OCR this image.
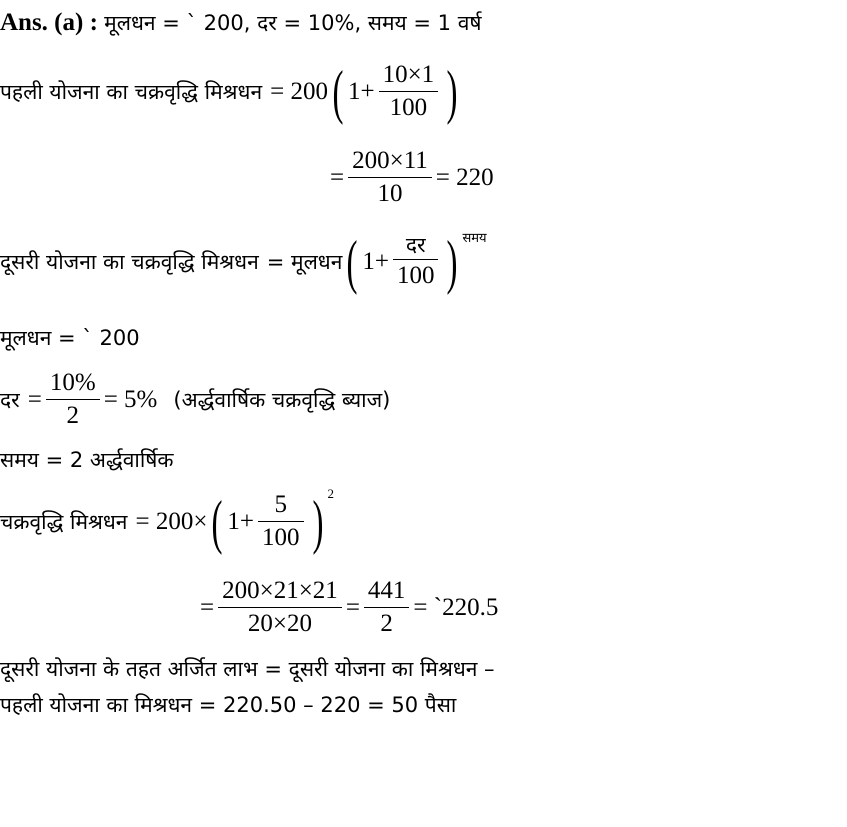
Ans. (a) : मूलधन = ` 200, दर = 10%, समय = 1 वर्ष
पहली योजना का चक्रवृद्धि मिश्रधन = 200 ( $1+ \frac{10\times 1}{100}$ )
= $\frac{200\times 11}{10} = 220$
दूसरी योजना का चक्रवृद्धि मिश्रधन = मूलधन ( $1+ \frac{\text{दर}}{100}$ ) समय
मूलधन = ` 200
दर = $\frac{10\%}{2} = 5\%$ (अर्द्धवार्षिक चक्रवृद्धि ब्याज)
समय = 2 अर्द्धवार्षिक
चक्रवृद्धि मिश्रधन = 200× ( $1+ \frac{5}{100}$ ) 2
= $\frac{200\times 21\times 21}{20\times 20} = \frac{441}{2}$ = `220.5
दूसरी योजना के तहत अर्जित लाभ = दूसरी योजना का मिश्रधन –
पहली योजना का मिश्रधन = 220.50 – 220 = 50 पैसा
